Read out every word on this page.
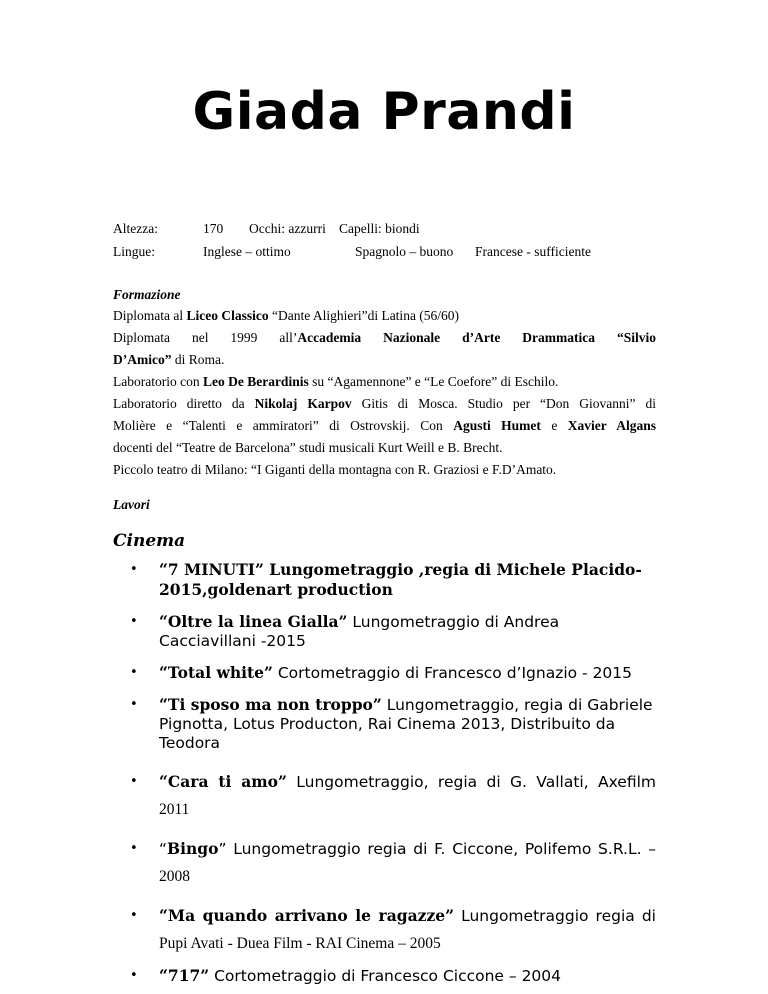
Giada Prandi
Altezza:	170 Occhi: azzurri Capelli: biondi
Lingue:	Inglese – ottimo	Spagnolo – buono Francese - sufficiente
Formazione

Diplomata al Liceo Classico “Dante Alighieri”di Latina (56/60)

Diplomata nel 1999 all’Accademia Nazionale d’Arte Drammatica “Silvio

D’Amico” di Roma.

Laboratorio con Leo De Berardinis su “Agamennone” e “Le Coefore” di Eschilo.

Laboratorio diretto da Nikolaj Karpov Gitis di Mosca. Studio per “Don Giovanni” di

Molière e “Talenti e ammiratori” di Ostrovskij. Con Agusti Humet e Xavier Algans

docenti del “Teatre de Barcelona” studi musicali Kurt Weill e B. Brecht.

Piccolo teatro di Milano: “I Giganti della montagna con R. Graziosi e F.D’Amato.

Lavori
Cinema
• “7 MINUTI” Lungometraggio ,regia di Michele Placido-2015,goldenart production
• “Oltre la linea Gialla” Lungometraggio di Andrea Cacciavillani -2015
• “Total white” Cortometraggio di Francesco d’Ignazio - 2015
• “Ti sposo ma non troppo” Lungometraggio, regia di Gabriele Pignotta, Lotus Producton, Rai Cinema 2013, Distribuito da Teodora
• “Cara ti amo” Lungometraggio, regia di G. Vallati, Axefilm
2011
• “Bingo” Lungometraggio regia di F. Ciccone, Polifemo S.R.L. –
2008
• “Ma quando arrivano le ragazze” Lungometraggio regia di
Pupi Avati - Duea Film - RAI Cinema – 2005
• “717” Cortometraggio di Francesco Ciccone – 2004
